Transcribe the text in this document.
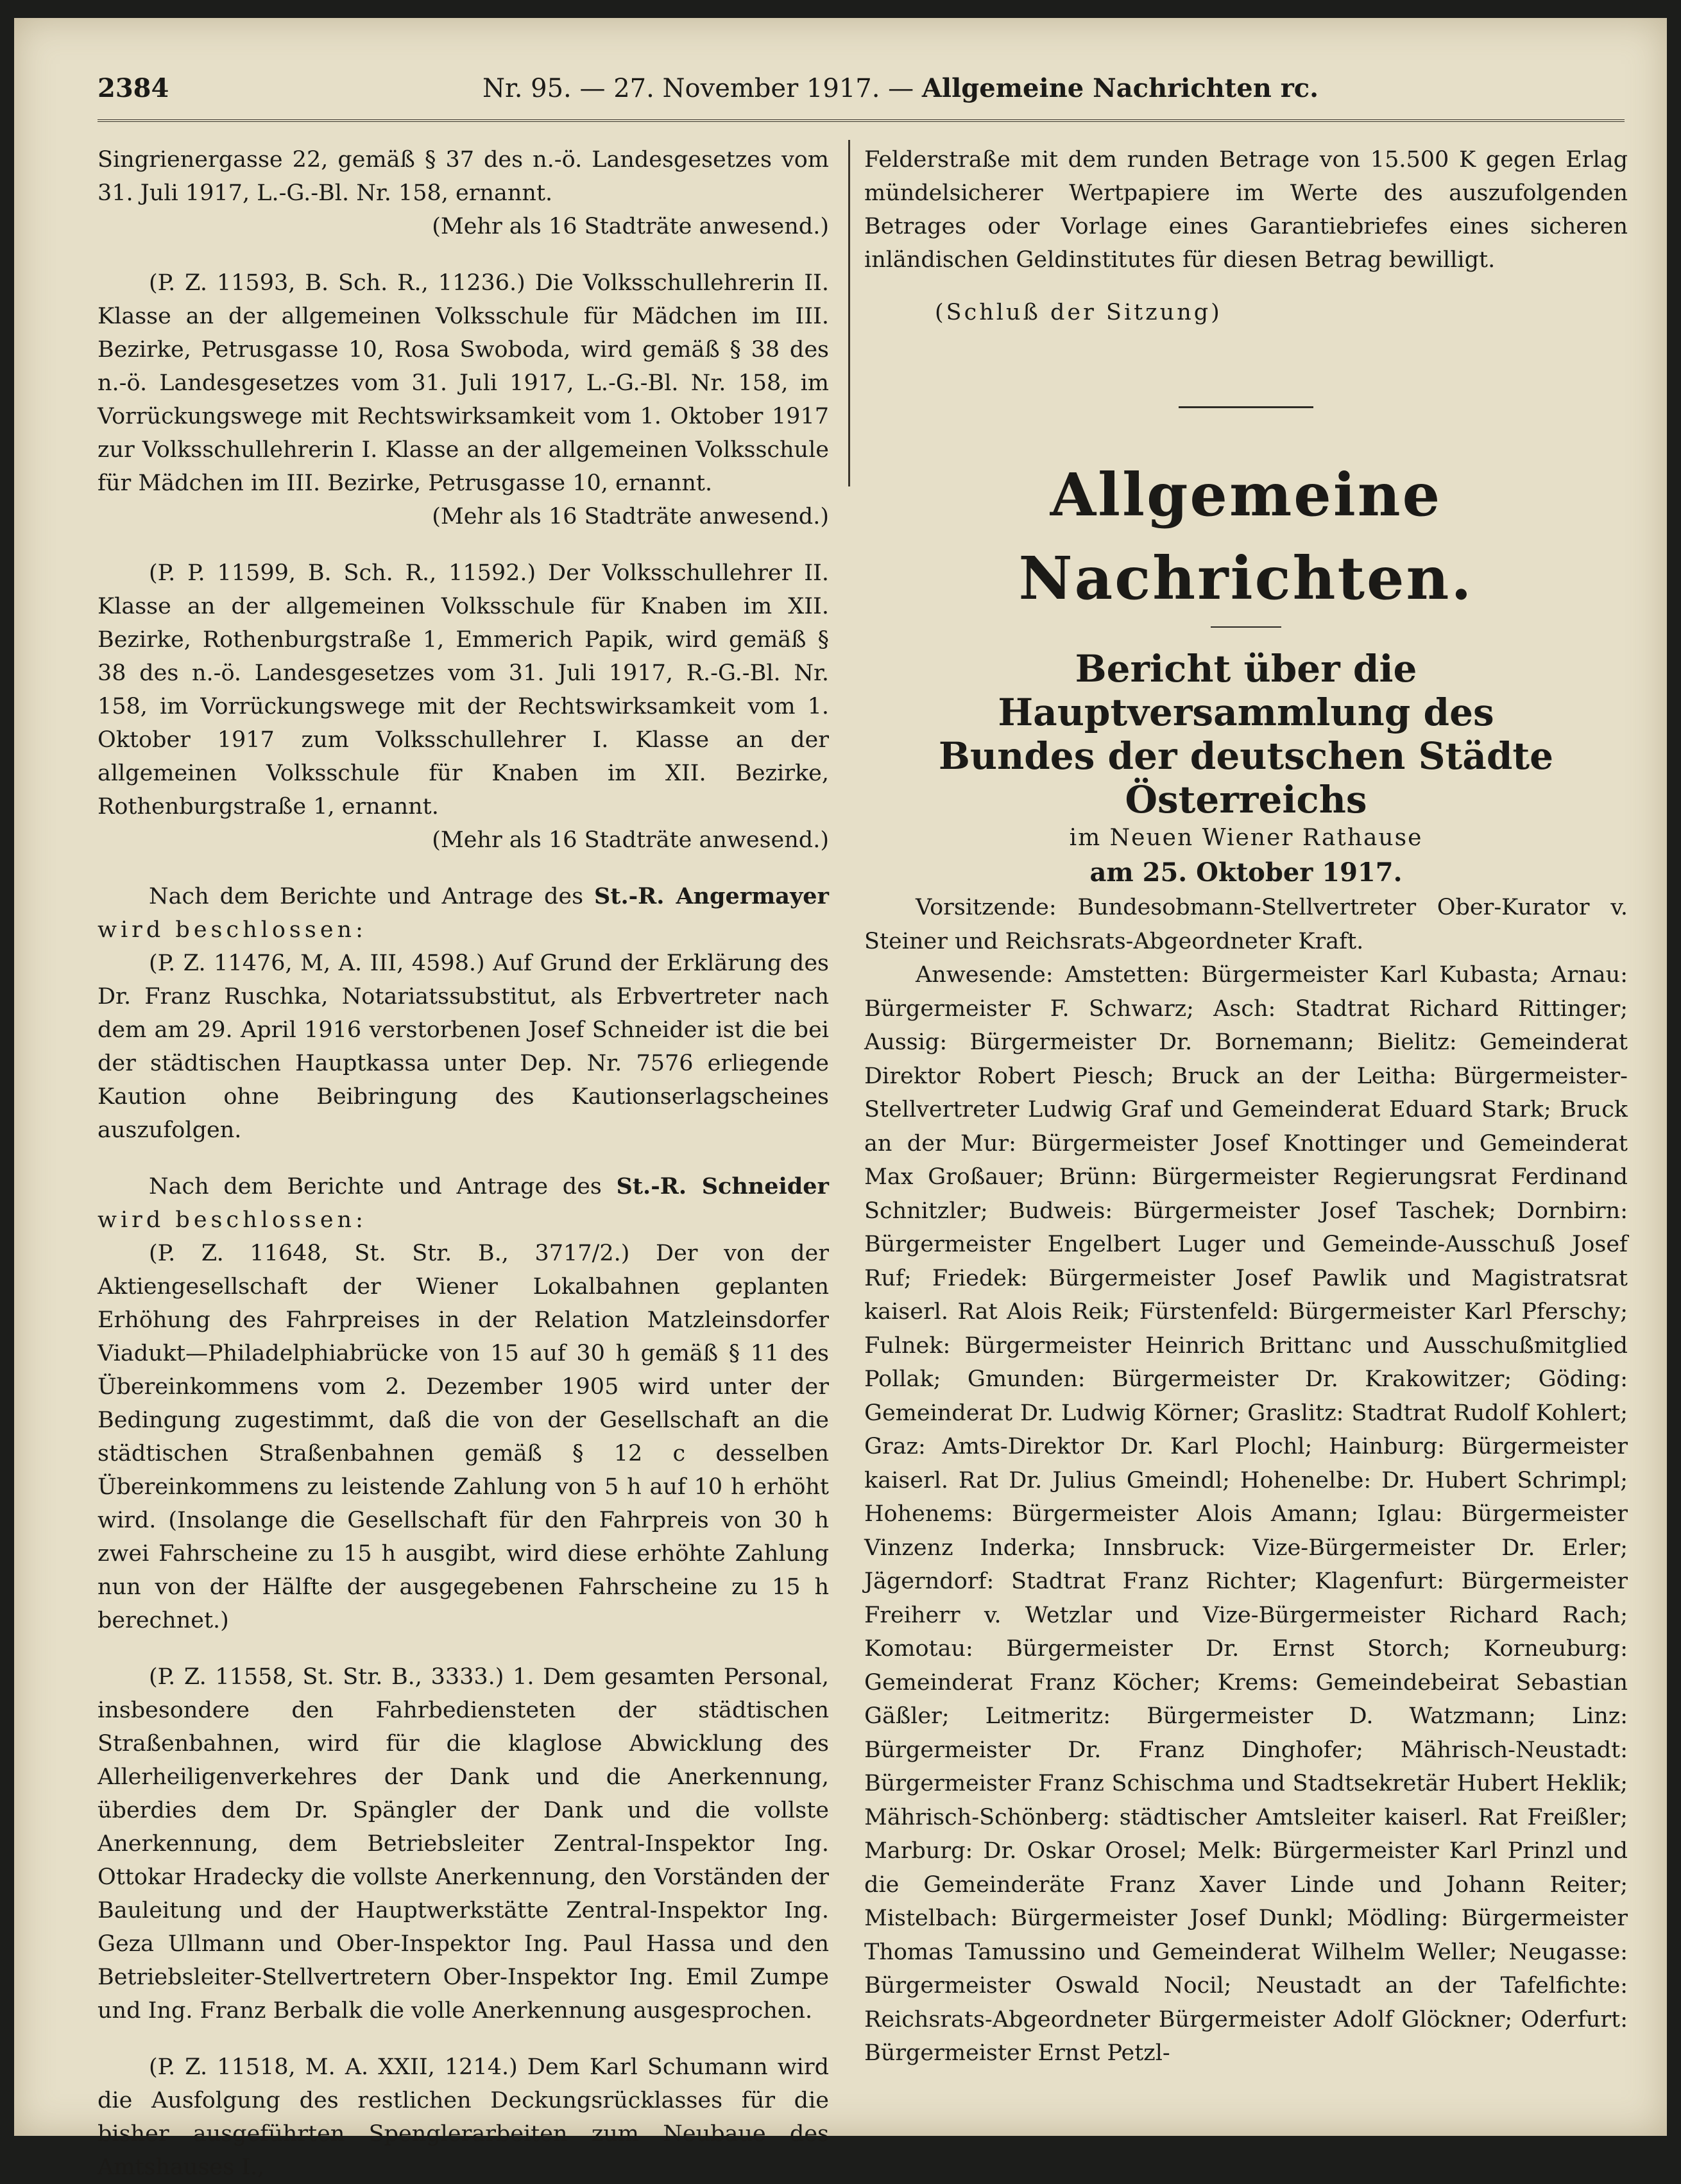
2384	Nr. 95. — 27. November 1917. — Allgemeine Nachrichten rc.

Singrienergasse 22, gemäß § 37 des n.-ö. Landesgesetzes vom 31. Juli 1917, L.-G.-Bl. Nr. 158, ernannt.

(Mehr als 16 Stadträte anwesend.)

(P. Z. 11593, B. Sch. R., 11236.) Die Volksschullehrerin II. Klasse an der allgemeinen Volksschule für Mädchen im III. Bezirke, Petrusgasse 10, Rosa Swoboda, wird gemäß § 38 des n.-ö. Landesgesetzes vom 31. Juli 1917, L.-G.-Bl. Nr. 158, im Vorrückungswege mit Rechtswirksamkeit vom 1. Oktober 1917 zur Volksschullehrerin I. Klasse an der allgemeinen Volksschule für Mädchen im III. Bezirke, Petrusgasse 10, ernannt.

(Mehr als 16 Stadträte anwesend.)

(P. P. 11599, B. Sch. R., 11592.) Der Volksschullehrer II. Klasse an der allgemeinen Volksschule für Knaben im XII. Bezirke, Rothenburgstraße 1, Emmerich Papik, wird gemäß § 38 des n.-ö. Landesgesetzes vom 31. Juli 1917, R.-G.-Bl. Nr. 158, im Vorrückungswege mit der Rechtswirksamkeit vom 1. Oktober 1917 zum Volksschullehrer I. Klasse an der allgemeinen Volksschule für Knaben im XII. Bezirke, Rothenburgstraße 1, ernannt.

(Mehr als 16 Stadträte anwesend.)

Nach dem Berichte und Antrage des St.-R. Angermayer wird beschlossen:

(P. Z. 11476, M, A. III, 4598.) Auf Grund der Erklärung des Dr. Franz Ruschka, Notariatssubstitut, als Erbvertreter nach dem am 29. April 1916 verstorbenen Josef Schneider ist die bei der städtischen Hauptkassa unter Dep. Nr. 7576 erliegende Kaution ohne Beibringung des Kautionserlagscheines auszufolgen.

Nach dem Berichte und Antrage des St.-R. Schneider wird beschlossen:

(P. Z. 11648, St. Str. B., 3717/2.) Der von der Aktiengesellschaft der Wiener Lokalbahnen geplanten Erhöhung des Fahrpreises in der Relation Matzleinsdorfer Viadukt—Philadelphiabrücke von 15 auf 30 h gemäß § 11 des Übereinkommens vom 2. Dezember 1905 wird unter der Bedingung zugestimmt, daß die von der Gesellschaft an die städtischen Straßenbahnen gemäß § 12 c desselben Übereinkommens zu leistende Zahlung von 5 h auf 10 h erhöht wird. (Insolange die Gesellschaft für den Fahrpreis von 30 h zwei Fahrscheine zu 15 h ausgibt, wird diese erhöhte Zahlung nun von der Hälfte der ausgegebenen Fahrscheine zu 15 h berechnet.)

(P. Z. 11558, St. Str. B., 3333.) 1. Dem gesamten Personal, insbesondere den Fahrbediensteten der städtischen Straßenbahnen, wird für die klaglose Abwicklung des Allerheiligenverkehres der Dank und die Anerkennung, überdies dem Dr. Spängler der Dank und die vollste Anerkennung, dem Betriebsleiter Zentral-Inspektor Ing. Ottokar Hradecky die vollste Anerkennung, den Vorständen der Bauleitung und der Hauptwerkstätte Zentral-Inspektor Ing. Geza Ullmann und Ober-Inspektor Ing. Paul Hassa und den Betriebsleiter-Stellvertretern Ober-Inspektor Ing. Emil Zumpe und Ing. Franz Berbalk die volle Anerkennung ausgesprochen.

(P. Z. 11518, M. A. XXII, 1214.) Dem Karl Schumann wird die Ausfolgung des restlichen Deckungsrücklasses für die bisher ausgeführten Spenglerarbeiten zum Neubaue des Amtshauses I.,

Felderstraße mit dem runden Betrage von 15.500 K gegen Erlag mündelsicherer Wertpapiere im Werte des auszufolgenden Betrages oder Vorlage eines Garantiebriefes eines sicheren inländischen Geldinstitutes für diesen Betrag bewilligt.

(Schluß der Sitzung)

Allgemeine Nachrichten.
Bericht über die Hauptversammlung des
Bundes der deutschen Städte Österreichs

im Neuen Wiener Rathause

am 25. Oktober 1917.

Vorsitzende: Bundesobmann-Stellvertreter Ober-Kurator v. Steiner und Reichsrats-Abgeordneter Kraft.

Anwesende: Amstetten: Bürgermeister Karl Kubasta; Arnau: Bürgermeister F. Schwarz; Asch: Stadtrat Richard Rittinger; Aussig: Bürgermeister Dr. Bornemann; Bielitz: Gemeinderat Direktor Robert Piesch; Bruck an der Leitha: Bürgermeister-Stellvertreter Ludwig Graf und Gemeinderat Eduard Stark; Bruck an der Mur: Bürgermeister Josef Knottinger und Gemeinderat Max Großauer; Brünn: Bürgermeister Regierungsrat Ferdinand Schnitzler; Budweis: Bürgermeister Josef Taschek; Dornbirn: Bürgermeister Engelbert Luger und Gemeinde-Ausschuß Josef Ruf; Friedek: Bürgermeister Josef Pawlik und Magistratsrat kaiserl. Rat Alois Reik; Fürstenfeld: Bürgermeister Karl Pferschy; Fulnek: Bürgermeister Heinrich Brittanc und Ausschußmitglied Pollak; Gmunden: Bürgermeister Dr. Krakowitzer; Göding: Gemeinderat Dr. Ludwig Körner; Graslitz: Stadtrat Rudolf Kohlert; Graz: Amts-Direktor Dr. Karl Plochl; Hainburg: Bürgermeister kaiserl. Rat Dr. Julius Gmeindl; Hohenelbe: Dr. Hubert Schrimpl; Hohenems: Bürgermeister Alois Amann; Iglau: Bürgermeister Vinzenz Inderka; Innsbruck: Vize-Bürgermeister Dr. Erler; Jägerndorf: Stadtrat Franz Richter; Klagenfurt: Bürgermeister Freiherr v. Wetzlar und Vize-Bürgermeister Richard Rach; Komotau: Bürgermeister Dr. Ernst Storch; Korneuburg: Gemeinderat Franz Köcher; Krems: Gemeindebeirat Sebastian Gäßler; Leitmeritz: Bürgermeister D. Watzmann; Linz: Bürgermeister Dr. Franz Dinghofer; Mährisch-Neustadt: Bürgermeister Franz Schischma und Stadtsekretär Hubert Heklik; Mährisch-Schönberg: städtischer Amtsleiter kaiserl. Rat Freißler; Marburg: Dr. Oskar Orosel; Melk: Bürgermeister Karl Prinzl und die Gemeinderäte Franz Xaver Linde und Johann Reiter; Mistelbach: Bürgermeister Josef Dunkl; Mödling: Bürgermeister Thomas Tamussino und Gemeinderat Wilhelm Weller; Neugasse: Bürgermeister Oswald Nocil; Neustadt an der Tafelfichte: Reichsrats-Abgeordneter Bürgermeister Adolf Glöckner; Oderfurt: Bürgermeister Ernst Petzl-
